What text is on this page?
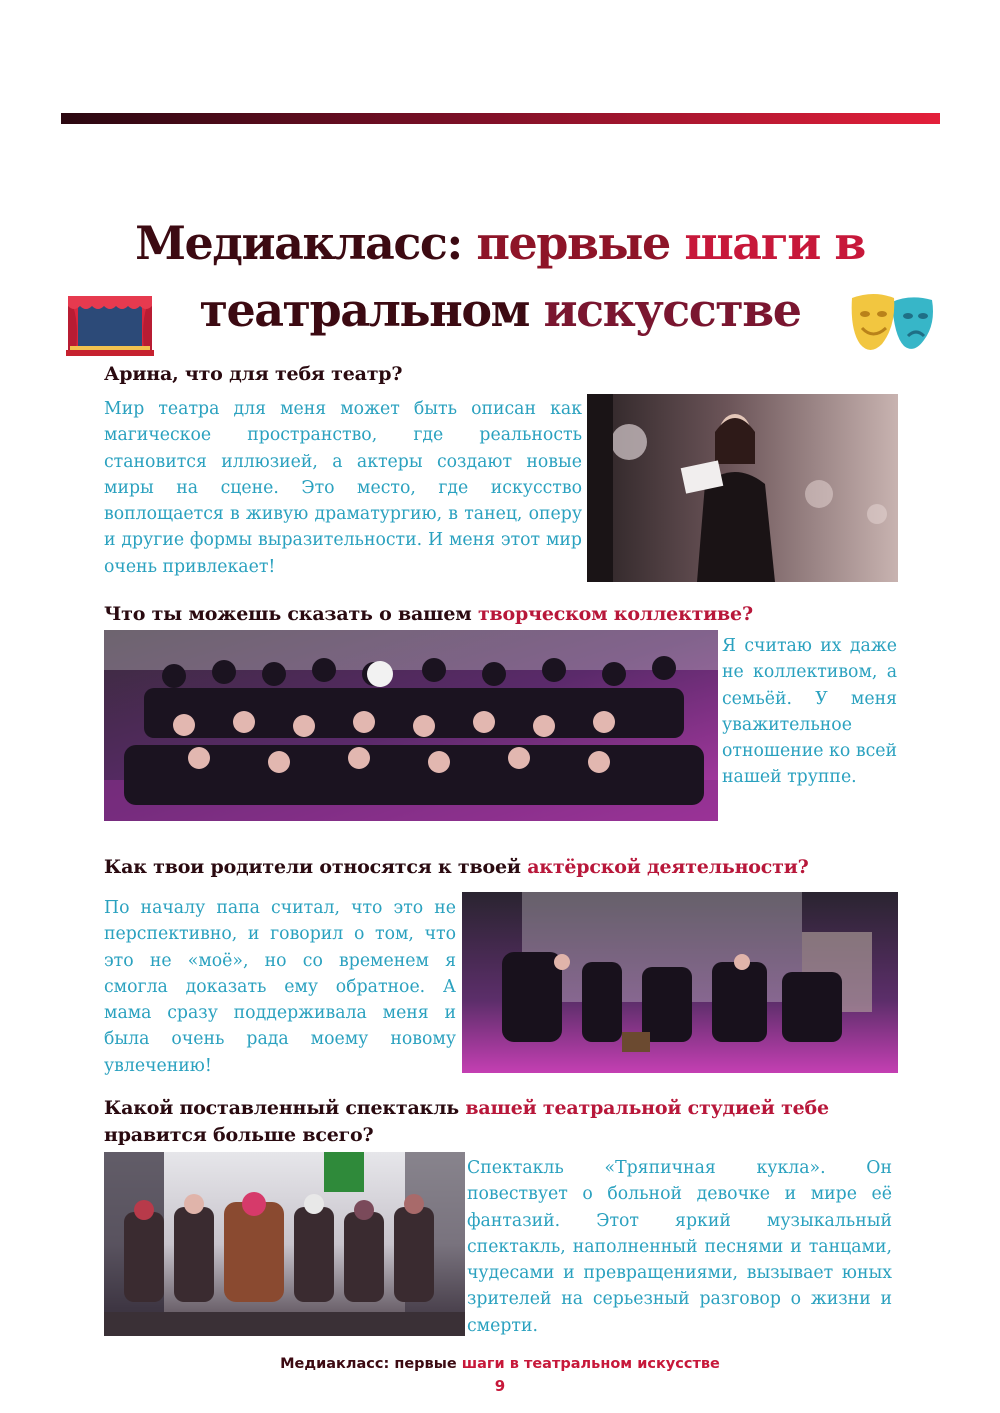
Медиакласс: первые шаги в
театральном искусстве
Арина, что для тебя театр?

Мир театра для меня может быть описан как магическое пространство, где реальность становится иллюзией, а актеры создают новые миры на сцене. Это место, где искусство воплощается в живую драматургию, в танец, оперу и другие формы выразительности. И меня этот мир очень привлекает!

Что ты можешь сказать о вашем творческом коллективе?

Я считаю их даже не коллективом, а семьёй. У меня уважительное отношение ко всей нашей труппе.

Как твои родители относятся к твоей актёрской деятельности?

По началу папа считал, что это не перспективно, и говорил о том, что это не «моё», но со временем я смогла доказать ему обратное. А мама сразу поддерживала меня и была очень рада моему новому увлечению!

Какой поставленный спектакль вашей театральной студией тебе
нравится больше всего?

Спектакль «Тряпичная кукла». Он повествует о больной девочке и мире её фантазий. Этот яркий музыкальный спектакль, наполненный песнями и танцами, чудесами и превращениями, вызывает юных зрителей на серьезный разговор о жизни и смерти.

Медиакласс: первые шаги в театральном искусстве
9
